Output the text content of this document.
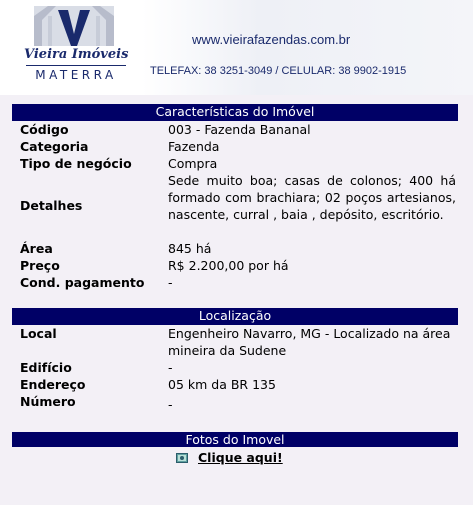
Vieira Imóveis
MATERRA
www.vieirafazendas.com.br
TELEFAX: 38 3251-3049 / CELULAR: 38 9902-1915
Características do Imóvel
Código	003 - Fazenda Bananal
Categoria	Fazenda
Tipo de negócio	Compra
Detalhes
Sede muito boa; casas de colonos; 400 há formado com brachiara; 02 poços artesianos, nascente, curral , baia , depósito, escritório.
Área	845 há
Preço	R$ 2.200,00 por há
Cond. pagamento -
Localização
Local	Engenheiro Navarro, MG - Localizado na área mineira da Sudene
Edifício	-
Endereço	05 km da BR 135
Número	-
Fotos do Imovel
Clique aqui!
